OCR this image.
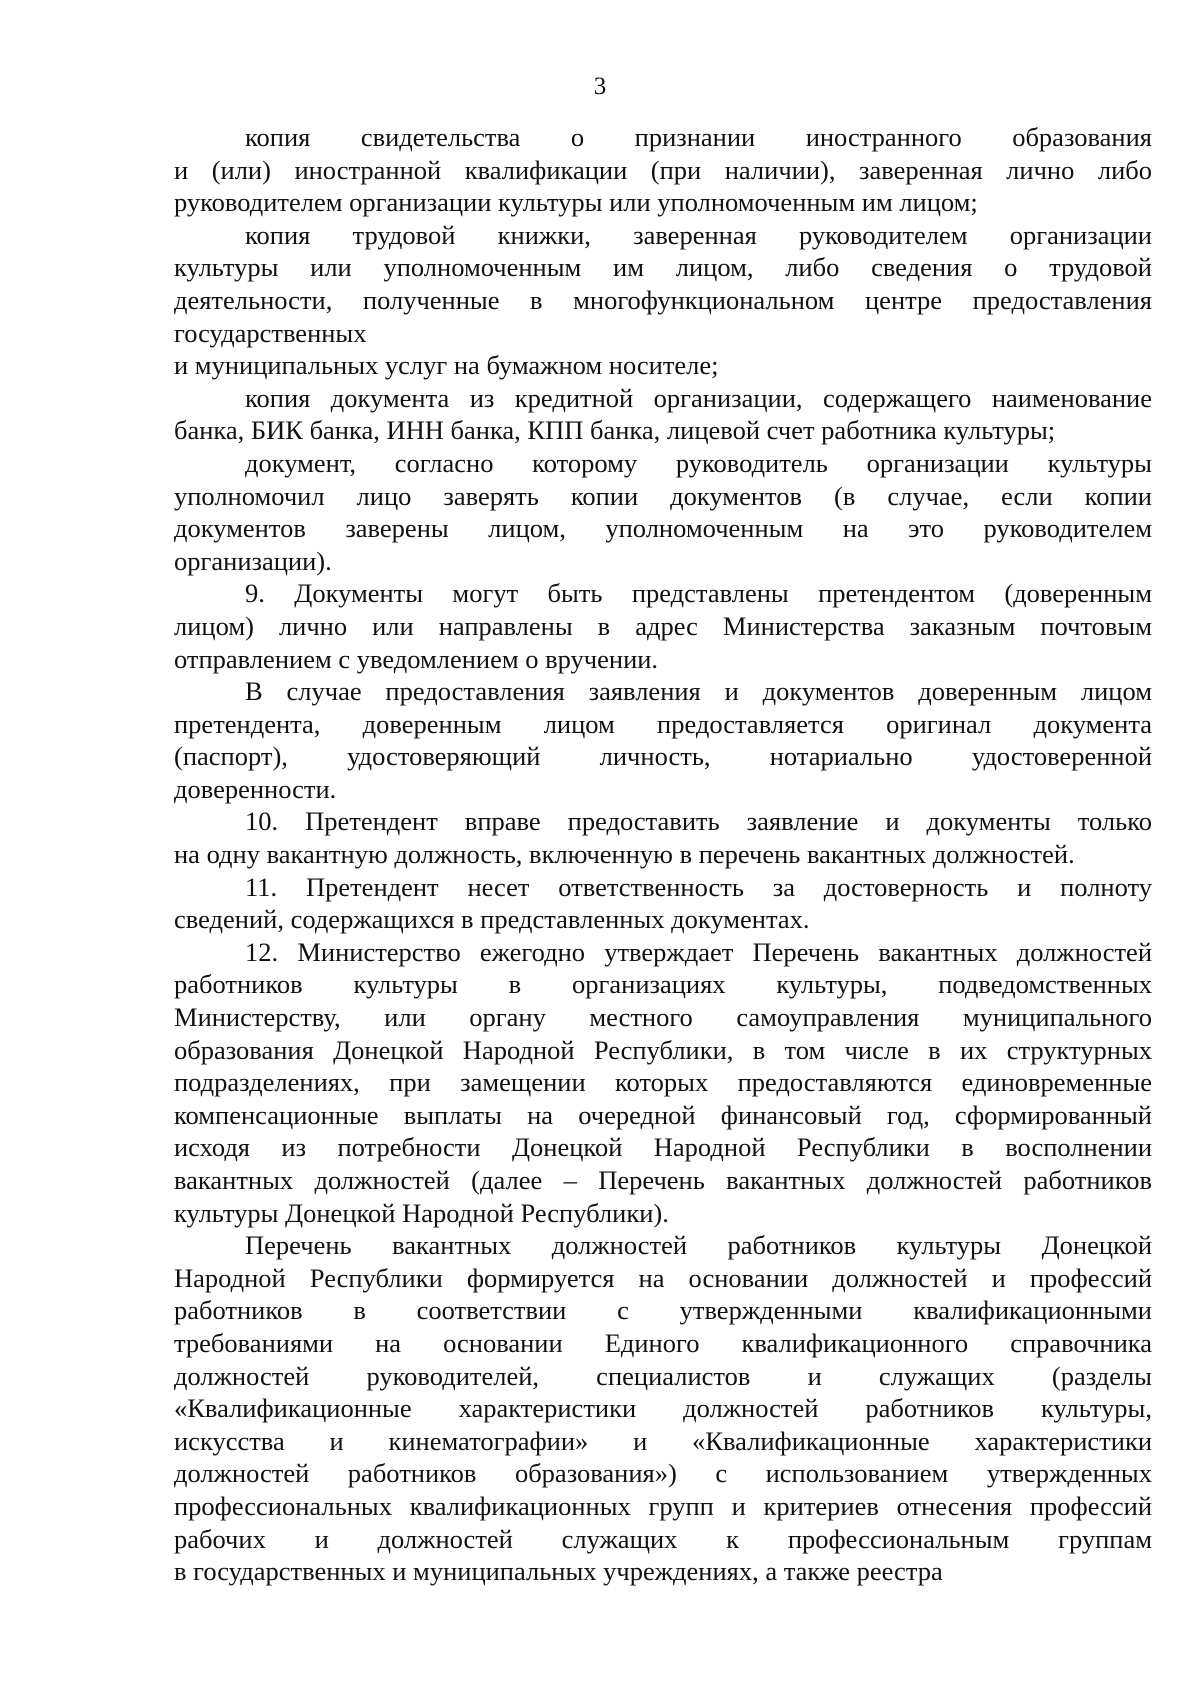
3

копия свидетельства о признании иностранного образования
и (или) иностранной квалификации (при наличии), заверенная лично либо
руководителем организации культуры или уполномоченным им лицом;

копия трудовой книжки, заверенная руководителем организации
культуры или уполномоченным им лицом, либо сведения о трудовой
деятельности, полученные в многофункциональном центре предоставления
государственных
и муниципальных услуг на бумажном носителе;

копия документа из кредитной организации, содержащего наименование
банка, БИК банка, ИНН банка, КПП банка, лицевой счет работника культуры;

документ, согласно которому руководитель организации культуры
уполномочил лицо заверять копии документов (в случае, если копии
документов заверены лицом, уполномоченным на это руководителем
организации).

9. Документы могут быть представлены претендентом (доверенным
лицом) лично или направлены в адрес Министерства заказным почтовым
отправлением с уведомлением о вручении.

В случае предоставления заявления и документов доверенным лицом
претендента, доверенным лицом предоставляется оригинал документа
(паспорт), удостоверяющий личность, нотариально удостоверенной
доверенности.

10. Претендент вправе предоставить заявление и документы только
на одну вакантную должность, включенную в перечень вакантных должностей.

11. Претендент несет ответственность за достоверность и полноту
сведений, содержащихся в представленных документах.

12. Министерство ежегодно утверждает Перечень вакантных должностей
работников культуры в организациях культуры, подведомственных
Министерству, или органу местного самоуправления муниципального
образования Донецкой Народной Республики, в том числе в их структурных
подразделениях, при замещении которых предоставляются единовременные
компенсационные выплаты на очередной финансовый год, сформированный
исходя из потребности Донецкой Народной Республики в восполнении
вакантных должностей (далее – Перечень вакантных должностей работников
культуры Донецкой Народной Республики).

Перечень вакантных должностей работников культуры Донецкой
Народной Республики формируется на основании должностей и профессий
работников в соответствии с утвержденными квалификационными
требованиями на основании Единого квалификационного справочника
должностей руководителей, специалистов и служащих (разделы
«Квалификационные характеристики должностей работников культуры,
искусства и кинематографии» и «Квалификационные характеристики
должностей работников образования») с использованием утвержденных
профессиональных квалификационных групп и критериев отнесения профессий
рабочих и должностей служащих к профессиональным группам
в государственных и муниципальных учреждениях, а также реестра
